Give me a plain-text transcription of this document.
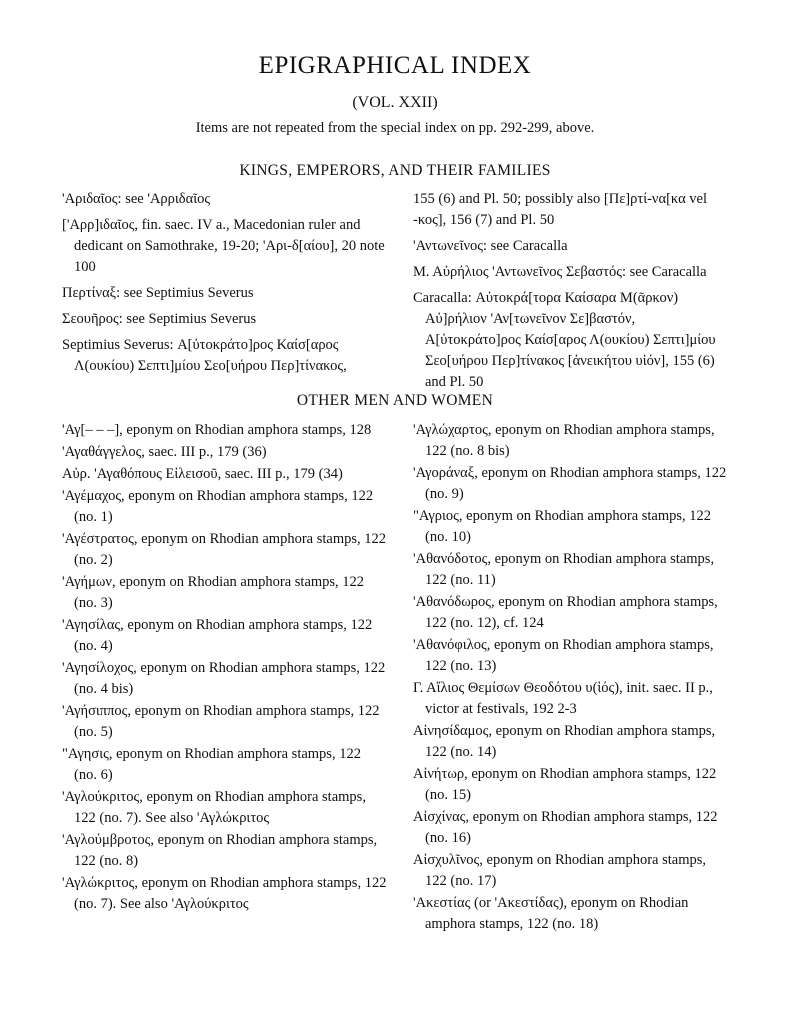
EPIGRAPHICAL INDEX
(VOL. XXII)
Items are not repeated from the special index on pp. 292-299, above.
KINGS, EMPERORS, AND THEIR FAMILIES
'Αριδαῖος: see 'Αρριδαῖος
['Αρρ]ιδαῖος, fin. saec. IV a., Macedonian ruler and dedicant on Samothrake, 19-20; 'Αρι-δ[αίου], 20 note 100
Περτίναξ: see Septimius Severus
Σεουῆρος: see Septimius Severus
Septimius Severus: Α[ὐτοκράτο]ρος Καίσ[αρος Λ(ουκίου) Σεπτι]μίου Σεο[υήρου Περ]τίνακος,
155 (6) and Pl. 50; possibly also [Πε]ρτί-να[κα vel -κος], 156 (7) and Pl. 50
'Αντωνεῖνος: see Caracalla
Μ. Αὐρήλιος 'Αντωνεῖνος Σεβαστός: see Caracalla
Caracalla: Αὐτοκρά[τορα Καίσαρα Μ(ᾶρκον) Αὐ]ρήλιον 'Αν[τωνεῖνον Σε]βαστόν, Α[ὐτοκράτο]ρος Καίσ[αρος Λ(ουκίου) Σεπτι]μίου Σεο[υήρου Περ]τίνακος [ἀνεικήτου υἱόν], 155 (6) and Pl. 50
OTHER MEN AND WOMEN
'Αγ[– – –], eponym on Rhodian amphora stamps, 128
'Αγαθάγγελος, saec. III p., 179 (36)
Αὐρ. 'Αγαθόπους Εἰλεισοῦ, saec. III p., 179 (34)
'Αγέμαχος, eponym on Rhodian amphora stamps, 122 (no. 1)
'Αγέστρατος, eponym on Rhodian amphora stamps, 122 (no. 2)
'Αγήμων, eponym on Rhodian amphora stamps, 122 (no. 3)
'Αγησίλας, eponym on Rhodian amphora stamps, 122 (no. 4)
'Αγησίλοχος, eponym on Rhodian amphora stamps, 122 (no. 4 bis)
'Αγήσιππος, eponym on Rhodian amphora stamps, 122 (no. 5)
"Αγησις, eponym on Rhodian amphora stamps, 122 (no. 6)
'Αγλούκριτος, eponym on Rhodian amphora stamps, 122 (no. 7). See also 'Αγλώκριτος
'Αγλούμβροτος, eponym on Rhodian amphora stamps, 122 (no. 8)
'Αγλώκριτος, eponym on Rhodian amphora stamps, 122 (no. 7). See also 'Αγλούκριτος
'Αγλώχαρτος, eponym on Rhodian amphora stamps, 122 (no. 8 bis)
'Αγοράναξ, eponym on Rhodian amphora stamps, 122 (no. 9)
"Αγριος, eponym on Rhodian amphora stamps, 122 (no. 10)
'Αθανόδοτος, eponym on Rhodian amphora stamps, 122 (no. 11)
'Αθανόδωρος, eponym on Rhodian amphora stamps, 122 (no. 12), cf. 124
'Αθανόφιλος, eponym on Rhodian amphora stamps, 122 (no. 13)
Γ. Αἴλιος Θεμίσων Θεοδότου υ(ἱός), init. saec. II p., victor at festivals, 192 2-3
Αἰνησίδαμος, eponym on Rhodian amphora stamps, 122 (no. 14)
Αἰνήτωρ, eponym on Rhodian amphora stamps, 122 (no. 15)
Αἰσχίνας, eponym on Rhodian amphora stamps, 122 (no. 16)
Αἰσχυλῖνος, eponym on Rhodian amphora stamps, 122 (no. 17)
'Ακεστίας (or 'Ακεστίδας), eponym on Rhodian amphora stamps, 122 (no. 18)
